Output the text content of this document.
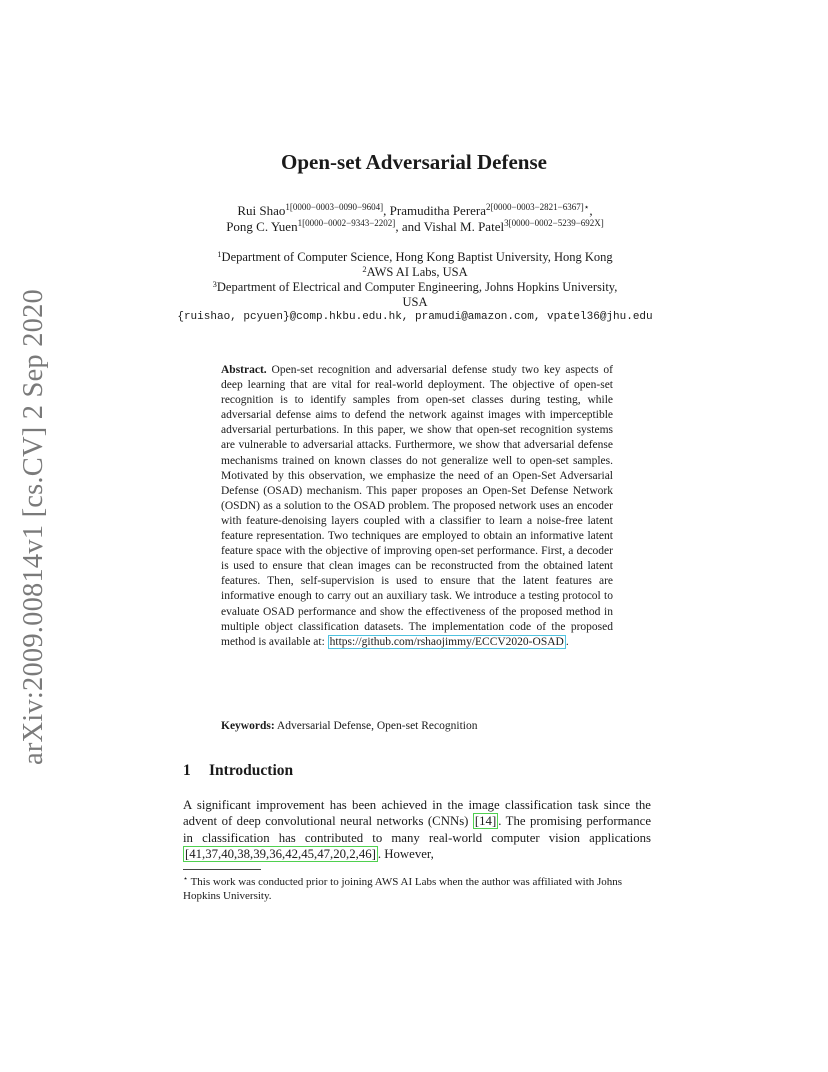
arXiv:2009.00814v1 [cs.CV] 2 Sep 2020
Open-set Adversarial Defense
Rui Shao$^{1[0000-0003-0090-9604]}$, Pramuditha Perera$^{2[0000-0003-2821-6367]⋆}$,
Pong C. Yuen$^{1[0000-0002-9343-2202]}$, and Vishal M. Patel$^{3[0000-0002-5239-692X]}$
$^1$Department of Computer Science, Hong Kong Baptist University, Hong Kong
$^2$AWS AI Labs, USA
$^3$Department of Electrical and Computer Engineering, Johns Hopkins University,
USA
{ruishao, pcyuen}@comp.hkbu.edu.hk, pramudi@amazon.com, vpatel36@jhu.edu
Abstract. Open-set recognition and adversarial defense study two key aspects of deep learning that are vital for real-world deployment. The objective of open-set recognition is to identify samples from open-set classes during testing, while adversarial defense aims to defend the network against images with imperceptible adversarial perturbations. In this paper, we show that open-set recognition systems are vulnerable to adversarial attacks. Furthermore, we show that adversarial defense mechanisms trained on known classes do not generalize well to open-set samples. Motivated by this observation, we emphasize the need of an Open-Set Adversarial Defense (OSAD) mechanism. This paper proposes an Open-Set Defense Network (OSDN) as a solution to the OSAD problem. The proposed network uses an encoder with feature-denoising layers coupled with a classifier to learn a noise-free latent feature representation. Two techniques are employed to obtain an informative latent feature space with the objective of improving open-set performance. First, a decoder is used to ensure that clean images can be reconstructed from the obtained latent features. Then, self-supervision is used to ensure that the latent features are informative enough to carry out an auxiliary task. We introduce a testing protocol to evaluate OSAD performance and show the effectiveness of the proposed method in multiple object classification datasets. The implementation code of the proposed method is available at: https://github.com/rshaojimmy/ECCV2020-OSAD .
Keywords: Adversarial Defense, Open-set Recognition
1 Introduction
A significant improvement has been achieved in the image classification task since the advent of deep convolutional neural networks (CNNs) [14] . The promising performance in classification has contributed to many real-world computer vision applications [41,37,40,38,39,36,42,45,47,20,2,46] . However,
⋆ This work was conducted prior to joining AWS AI Labs when the author was affiliated with Johns Hopkins University.
